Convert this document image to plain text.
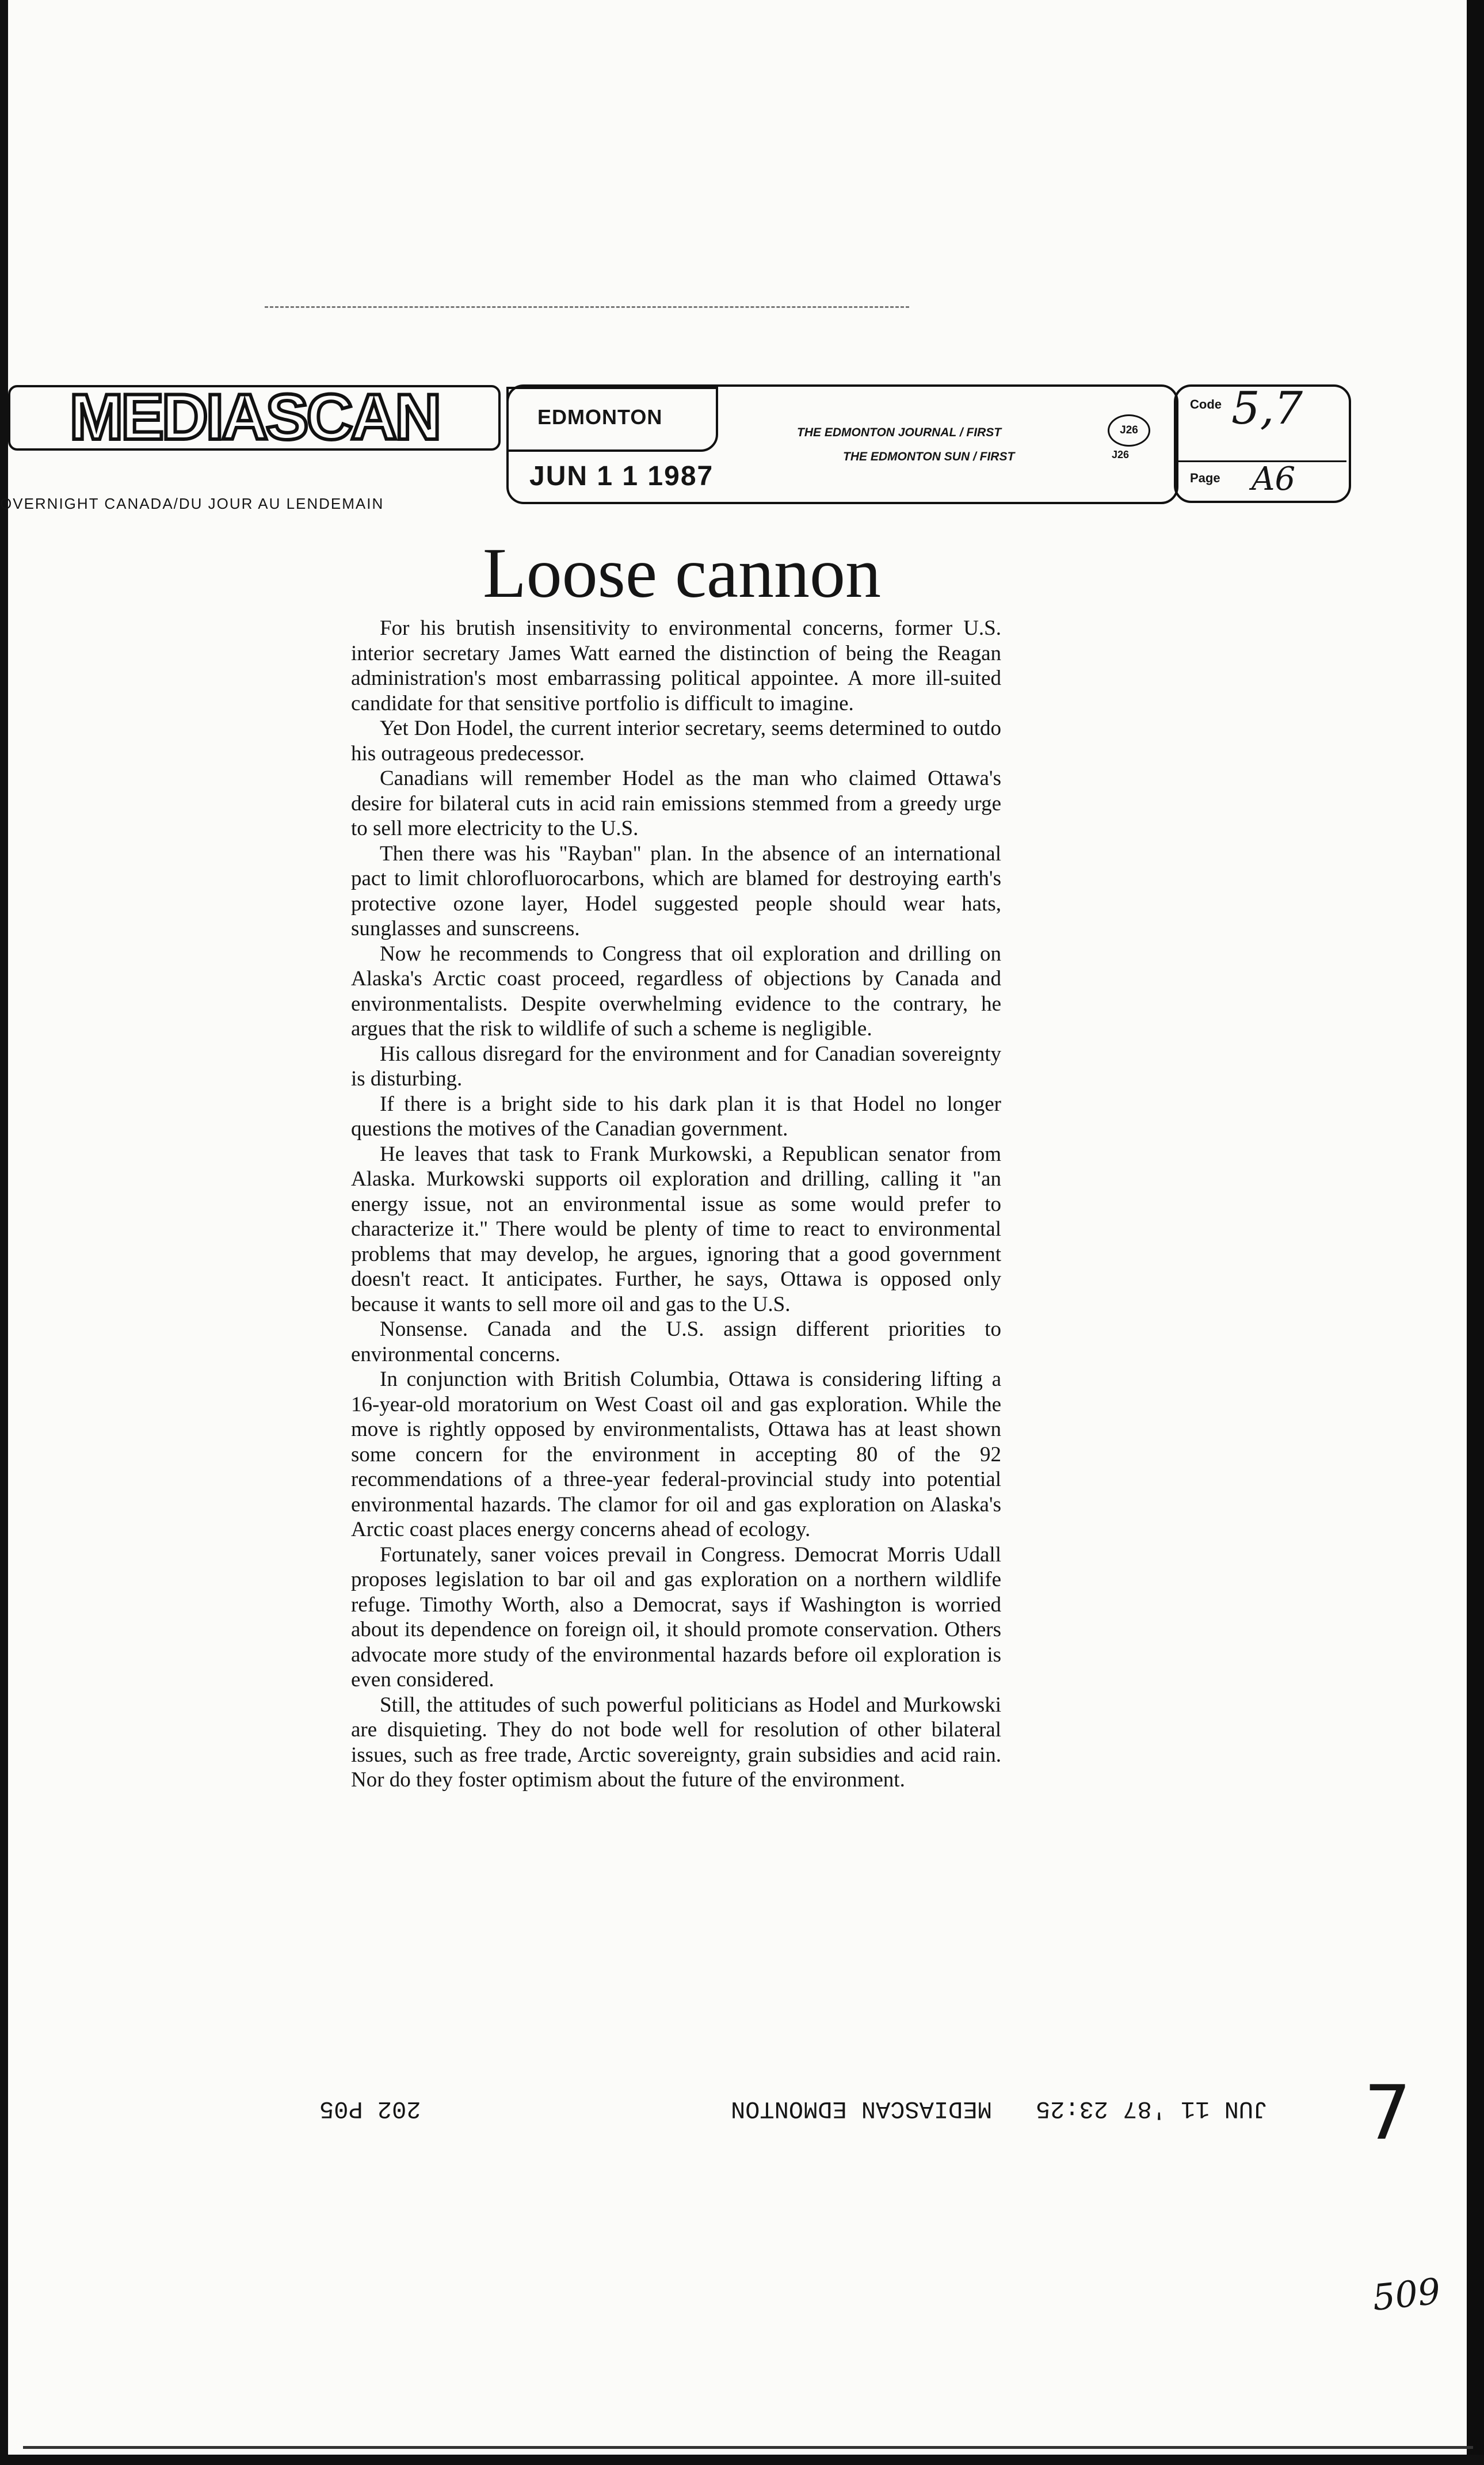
MEDIASCAN
OVERNIGHT CANADA/DU JOUR AU LENDEMAIN
EDMONTON
JUN 1 1 1987
THE EDMONTON JOURNAL / FIRST
THE EDMONTON SUN / FIRST
J26
J26
Code 5,7
Page A6
Loose cannon

For his brutish insensitivity to environmental concerns, former U.S. interior secretary James Watt earned the distinction of being the Reagan administration's most embarrassing political appointee. A more ill-suited candidate for that sensitive portfolio is difficult to imagine.

Yet Don Hodel, the current interior secretary, seems determined to outdo his outrageous predecessor.

Canadians will remember Hodel as the man who claimed Ottawa's desire for bilateral cuts in acid rain emissions stemmed from a greedy urge to sell more electricity to the U.S.

Then there was his "Rayban" plan. In the absence of an international pact to limit chlorofluorocarbons, which are blamed for destroying earth's protective ozone layer, Hodel suggested people should wear hats, sunglasses and sunscreens.

Now he recommends to Congress that oil exploration and drilling on Alaska's Arctic coast proceed, regardless of objections by Canada and environmentalists. Despite overwhelming evidence to the contrary, he argues that the risk to wildlife of such a scheme is negligible.

His callous disregard for the environment and for Canadian sovereignty is disturbing.

If there is a bright side to his dark plan it is that Hodel no longer questions the motives of the Canadian government.

He leaves that task to Frank Murkowski, a Republican senator from Alaska. Murkowski supports oil exploration and drilling, calling it "an energy issue, not an environmental issue as some would prefer to characterize it." There would be plenty of time to react to environmental problems that may develop, he argues, ignoring that a good government doesn't react. It anticipates. Further, he says, Ottawa is opposed only because it wants to sell more oil and gas to the U.S.

Nonsense. Canada and the U.S. assign different priorities to environmental concerns.

In conjunction with British Columbia, Ottawa is considering lifting a 16-year-old moratorium on West Coast oil and gas exploration. While the move is rightly opposed by environmentalists, Ottawa has at least shown some concern for the environment in accepting 80 of the 92 recommendations of a three-year federal-provincial study into potential environmental hazards. The clamor for oil and gas exploration on Alaska's Arctic coast places energy concerns ahead of ecology.

Fortunately, saner voices prevail in Congress. Democrat Morris Udall proposes legislation to bar oil and gas exploration on a northern wildlife refuge. Timothy Worth, also a Democrat, says if Washington is worried about its dependence on foreign oil, it should promote conservation. Others advocate more study of the environmental hazards before oil exploration is even considered.

Still, the attitudes of such powerful politicians as Hodel and Murkowski are disquieting. They do not bode well for resolution of other bilateral issues, such as free trade, Arctic sovereignty, grain subsidies and acid rain. Nor do they foster optimism about the future of the environment.

JUN 11 '87 23:25
MEDIASCAN EDMONTON
202 P05	7
509
